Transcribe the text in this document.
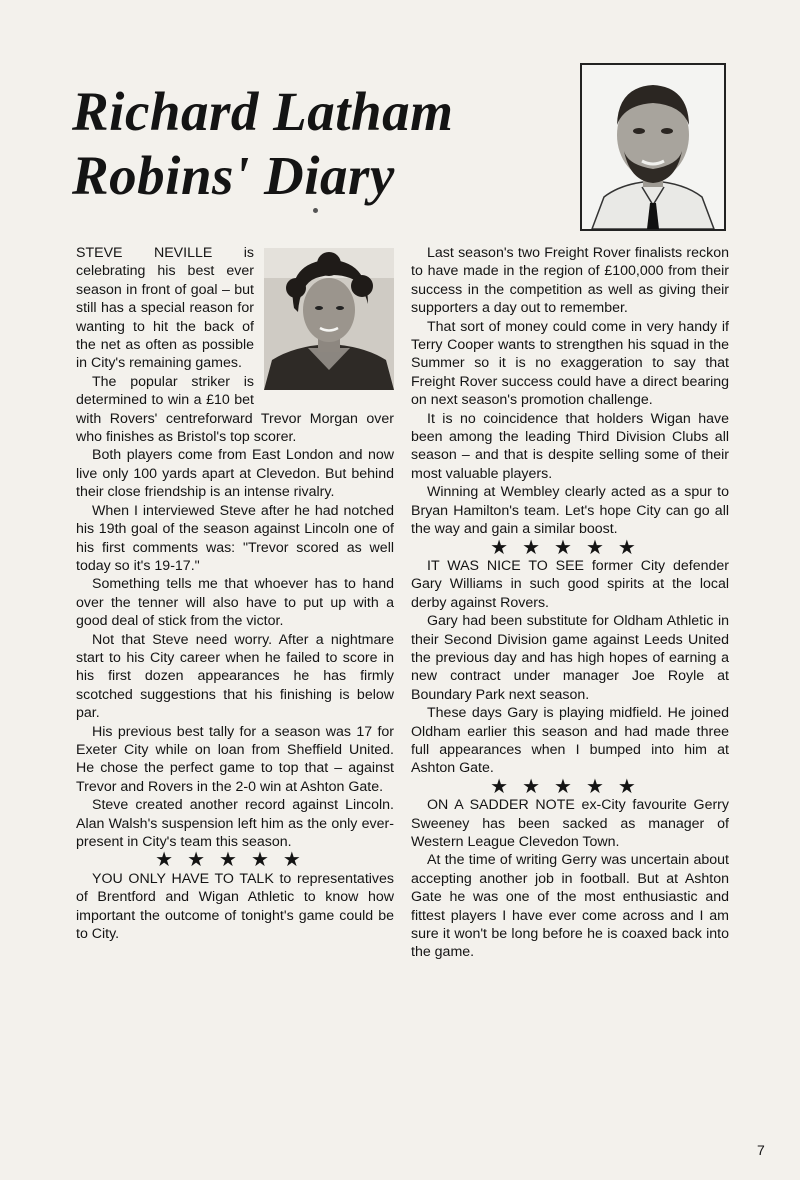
Richard Latham
Robins' Diary

STEVE NEVILLE is celebrating his best ever season in front of goal – but still has a special reason for wanting to hit the back of the net as often as possible in City's remaining games.

The popular striker is determined to win a £10 bet with Rovers' centreforward Trevor Morgan over who finishes as Bristol's top scorer.

Both players come from East London and now live only 100 yards apart at Clevedon. But behind their close friendship is an intense rivalry.

When I interviewed Steve after he had notched his 19th goal of the season against Lincoln one of his first comments was: "Trevor scored as well today so it's 19-17."

Something tells me that whoever has to hand over the tenner will also have to put up with a good deal of stick from the victor.

Not that Steve need worry. After a nightmare start to his City career when he failed to score in his first dozen appearances he has firmly scotched suggestions that his finishing is below par.

His previous best tally for a season was 17 for Exeter City while on loan from Sheffield United. He chose the perfect game to top that – against Trevor and Rovers in the 2-0 win at Ashton Gate.

Steve created another record against Lincoln. Alan Walsh's suspension left him as the only ever-present in City's team this season.

★★★★★

YOU ONLY HAVE TO TALK to representatives of Brentford and Wigan Athletic to know how important the outcome of tonight's game could be to City.

Last season's two Freight Rover finalists reckon to have made in the region of £100,000 from their success in the competition as well as giving their supporters a day out to remember.

That sort of money could come in very handy if Terry Cooper wants to strengthen his squad in the Summer so it is no exaggeration to say that Freight Rover success could have a direct bearing on next season's promotion challenge.

It is no coincidence that holders Wigan have been among the leading Third Division Clubs all season – and that is despite selling some of their most valuable players.

Winning at Wembley clearly acted as a spur to Bryan Hamilton's team. Let's hope City can go all the way and gain a similar boost.

★★★★★

IT WAS NICE TO SEE former City defender Gary Williams in such good spirits at the local derby against Rovers.

Gary had been substitute for Oldham Athletic in their Second Division game against Leeds United the previous day and has high hopes of earning a new contract under manager Joe Royle at Boundary Park next season.

These days Gary is playing midfield. He joined Oldham earlier this season and had made three full appearances when I bumped into him at Ashton Gate.

★★★★★

ON A SADDER NOTE ex-City favourite Gerry Sweeney has been sacked as manager of Western League Clevedon Town.

At the time of writing Gerry was uncertain about accepting another job in football. But at Ashton Gate he was one of the most enthusiastic and fittest players I have ever come across and I am sure it won't be long before he is coaxed back into the game.

7
